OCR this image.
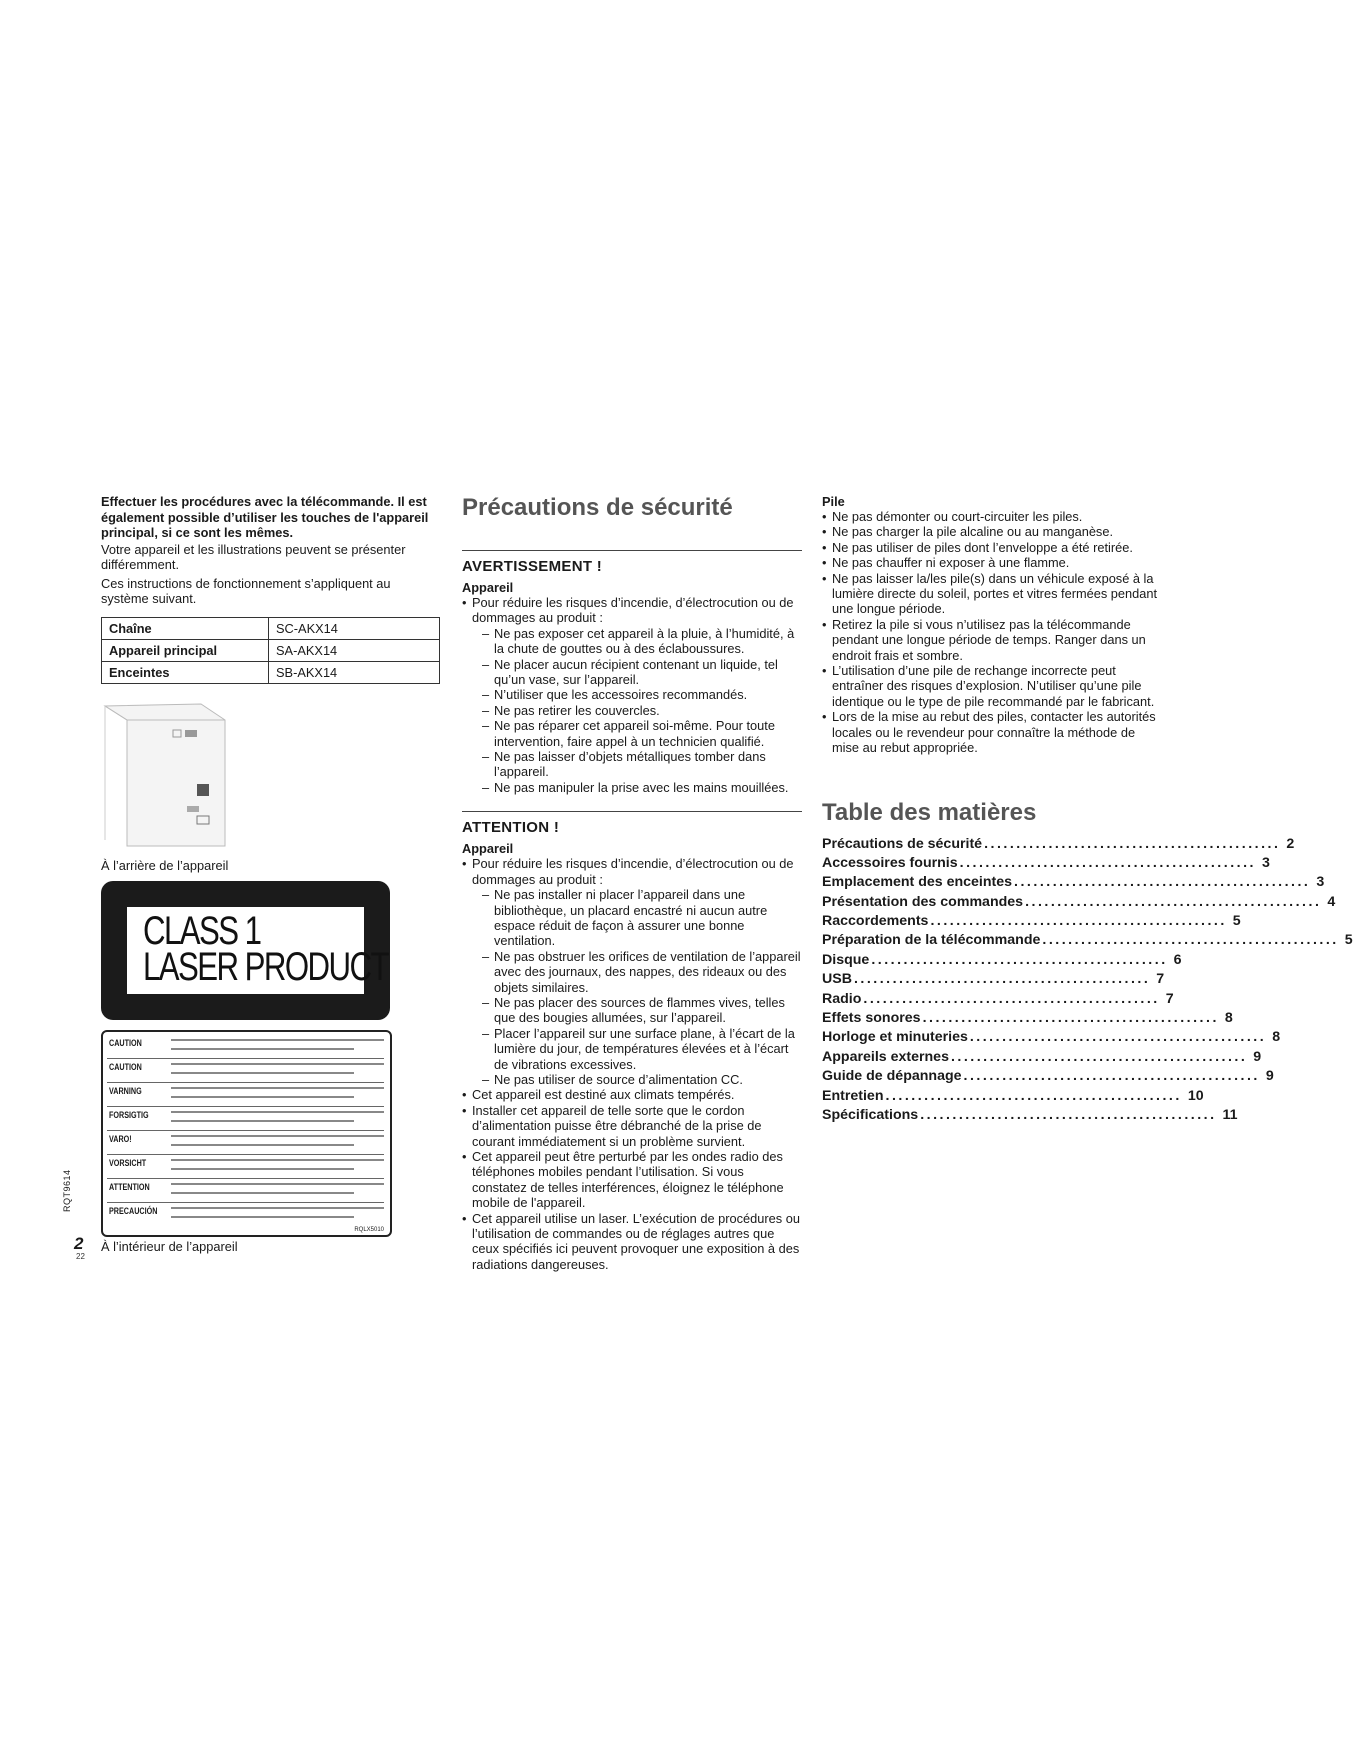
Effectuer les procédures avec la télécommande. Il est également possible d’utiliser les touches de l'appareil principal, si ce sont les mêmes.

Votre appareil et les illustrations peuvent se présenter différemment.

Ces instructions de fonctionnement s’appliquent au système suivant.

Chaîne	SC-AKX14
Appareil principal	SA-AKX14
Enceintes	SB-AKX14
À l’arrière de l’appareil
CLASS 1
LASER PRODUCT
CAUTION
CAUTION
VARNING
FORSIGTIG
VARO!
VORSICHT
ATTENTION
PRECAUCIÓN
RQLX5010
À l’intérieur de l’appareil
RQT9614
2
22
Précautions de sécurité
AVERTISSEMENT !
Appareil
• Pour réduire les risques d’incendie, d’électrocution ou de dommages au produit :
– Ne pas exposer cet appareil à la pluie, à l’humidité, à la chute de gouttes ou à des éclaboussures.
– Ne placer aucun récipient contenant un liquide, tel qu’un vase, sur l’appareil.
– N’utiliser que les accessoires recommandés.
– Ne pas retirer les couvercles.
– Ne pas réparer cet appareil soi-même. Pour toute intervention, faire appel à un technicien qualifié.
– Ne pas laisser d’objets métalliques tomber dans l’appareil.
– Ne pas manipuler la prise avec les mains mouillées.
ATTENTION !
Appareil
• Pour réduire les risques d’incendie, d’électrocution ou de dommages au produit :
– Ne pas installer ni placer l’appareil dans une bibliothèque, un placard encastré ni aucun autre espace réduit de façon à assurer une bonne ventilation.
– Ne pas obstruer les orifices de ventilation de l’appareil avec des journaux, des nappes, des rideaux ou des objets similaires.
– Ne pas placer des sources de flammes vives, telles que des bougies allumées, sur l’appareil.
– Placer l’appareil sur une surface plane, à l’écart de la lumière du jour, de températures élevées et à l’écart de vibrations excessives.
– Ne pas utiliser de source d’alimentation CC.
• Cet appareil est destiné aux climats tempérés.
• Installer cet appareil de telle sorte que le cordon d’alimentation puisse être débranché de la prise de courant immédiatement si un problème survient.
• Cet appareil peut être perturbé par les ondes radio des téléphones mobiles pendant l’utilisation. Si vous constatez de telles interférences, éloignez le téléphone mobile de l'appareil.
• Cet appareil utilise un laser. L’exécution de procédures ou l’utilisation de commandes ou de réglages autres que ceux spécifiés ici peuvent provoquer une exposition à des radiations dangereuses.
Pile
• Ne pas démonter ou court-circuiter les piles.
• Ne pas charger la pile alcaline ou au manganèse.
• Ne pas utiliser de piles dont l’enveloppe a été retirée.
• Ne pas chauffer ni exposer à une flamme.
• Ne pas laisser la/les pile(s) dans un véhicule exposé à la lumière directe du soleil, portes et vitres fermées pendant une longue période.
• Retirez la pile si vous n’utilisez pas la télécommande pendant une longue période de temps. Ranger dans un endroit frais et sombre.
• L’utilisation d’une pile de rechange incorrecte peut entraîner des risques d’explosion. N’utiliser qu’une pile identique ou le type de pile recommandé par le fabricant.
• Lors de la mise au rebut des piles, contacter les autorités locales ou le revendeur pour connaître la méthode de mise au rebut appropriée.
Table des matières
Précautions de sécurité .............................................. 2
Accessoires fournis .............................................. 3
Emplacement des enceintes .............................................. 3
Présentation des commandes .............................................. 4
Raccordements .............................................. 5
Préparation de la télécommande .............................................. 5
Disque .............................................. 6
USB .............................................. 7
Radio .............................................. 7
Effets sonores .............................................. 8
Horloge et minuteries .............................................. 8
Appareils externes .............................................. 9
Guide de dépannage .............................................. 9
Entretien .............................................. 10
Spécifications .............................................. 11
